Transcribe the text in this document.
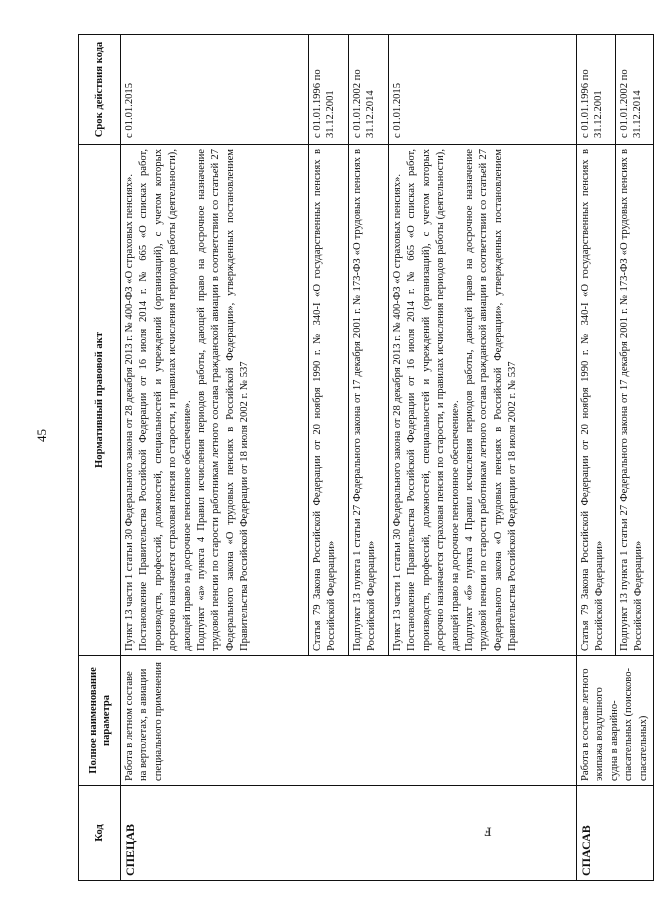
45
Код	Полное наименование параметра	Нормативный правовой акт	Срок действия кода
СПЕЦАВ	Работа в летном составе на вертолетах, в авиации специального применения	Пункт 13 части 1 статьи 30 Федерального закона от 28 декабря 2013 г. № 400-ФЗ «О страховых пенсиях». Постановление Правительства Российской Федерации от 16 июля 2014 г. № 665 «О списках работ, производств, профессий, должностей, специальностей и учреждений (организаций), с учетом которых досрочно назначается страховая пенсия по старости, и правилах исчисления периодов работы (деятельности), дающей право на досрочное пенсионное обеспечение». Подпункт «а» пункта 4 Правил исчисления периодов работы, дающей право на досрочное назначение трудовой пенсии по старости работникам летного состава гражданской авиации в соответствии со статьей 27 Федерального закона «О трудовых пенсиях в Российской Федерации», утвержденных постановлением Правительства Российской Федерации от 18 июля 2002 г. № 537	с 01.01.2015

		Статья 79 Закона Российской Федерации от 20 ноября 1990 г. № 340-I «О государственных пенсиях в Российской Федерации»	с 01.01.1996 по 31.12.2001

		Подпункт 13 пункта 1 статьи 27 Федерального закона от 17 декабря 2001 г. № 173-ФЗ «О трудовых пенсиях в Российской Федерации»	с 01.01.2002 по 31.12.2014

		Пункт 13 части 1 статьи 30 Федерального закона от 28 декабря 2013 г. № 400-ФЗ «О страховых пенсиях». Постановление Правительства Российской Федерации от 16 июля 2014 г. № 665 «О списках работ, производств, профессий, должностей, специальностей и учреждений (организаций), с учетом которых досрочно назначается страховая пенсия по старости, и правилах исчисления периодов работы (деятельности), дающей право на досрочное пенсионное обеспечение». Подпункт «б» пункта 4 Правил исчисления периодов работы, дающей право на досрочное назначение трудовой пенсии по старости работникам летного состава гражданской авиации в соответствии со статьей 27 Федерального закона «О трудовых пенсиях в Российской Федерации», утвержденных постановлением Правительства Российской Федерации от 18 июля 2002 г. № 537	с 01.01.2015
СПАСАВ	Работа в составе летного экипажа воздушного судна в аварийно-спасательных (поисково-спасательных)	Статья 79 Закона Российской Федерации от 20 ноября 1990 г. № 340-I «О государственных пенсиях в Российской Федерации»	с 01.01.1996 по 31.12.2001

		Подпункт 13 пункта 1 статьи 27 Федерального закона от 17 декабря 2001 г. № 173-ФЗ «О трудовых пенсиях в Российской Федерации»	с 01.01.2002 по 31.12.2014
ⅎ
